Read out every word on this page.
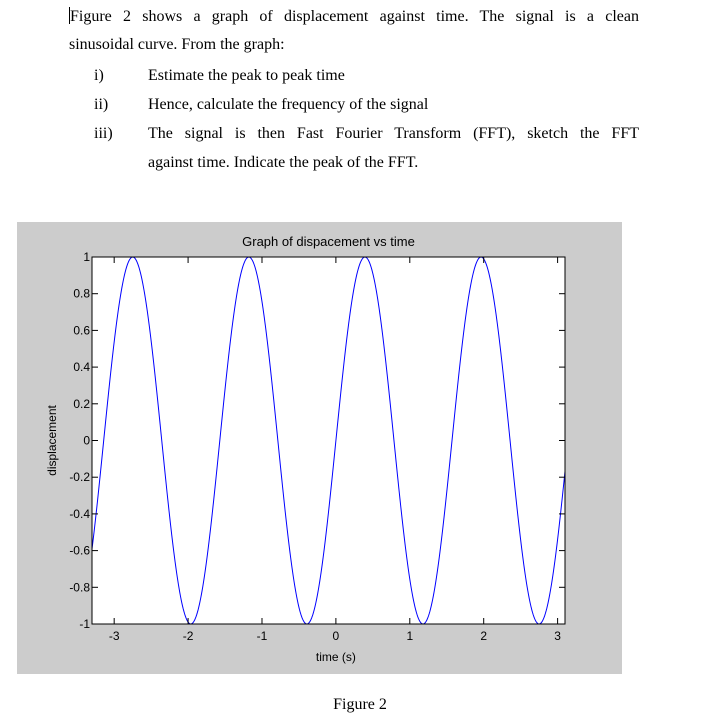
Figure 2 shows a graph of displacement against time. The signal is a clean
sinusoidal curve. From the graph:
i)	Estimate the peak to peak time
ii)	Hence, calculate the frequency of the signal
iii)	The signal is then Fast Fourier Transform (FFT), sketch the FFT
against time. Indicate the peak of the FFT.
-3	-2	-1	0	1	2	3
-1
-0.8
-0.6
-0.4
-0.2
0
0.2
0.4
0.6
0.8
1
Graph of dispacement vs time
time (s)
displacement
Figure 2
